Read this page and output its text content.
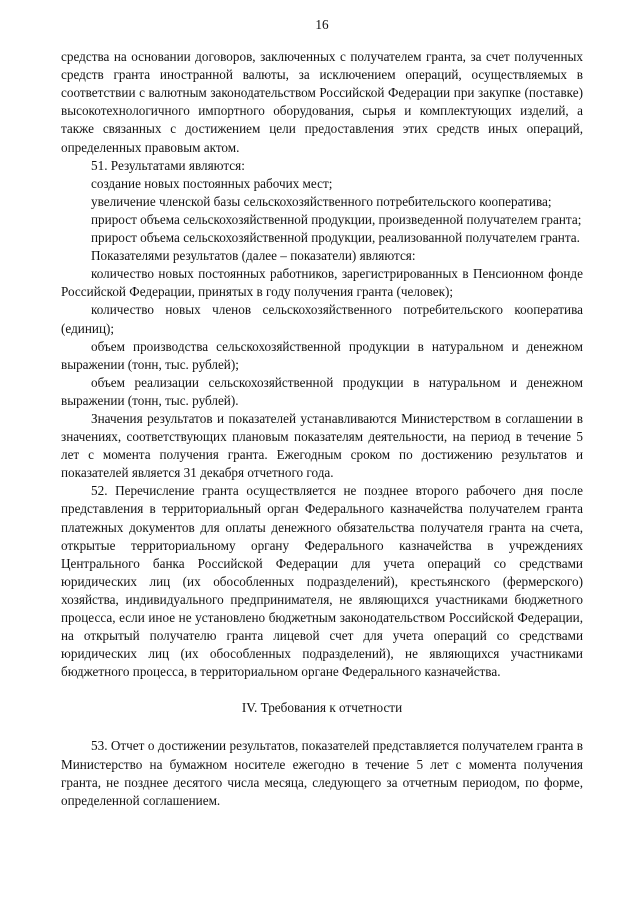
16

средства на основании договоров, заключенных с получателем гранта, за счет полученных средств гранта иностранной валюты, за исключением операций, осуществляемых в соответствии с валютным законодательством Российской Федерации при закупке (поставке) высокотехнологичного импортного оборудования, сырья и комплектующих изделий, а также связанных с достижением цели предоставления этих средств иных операций, определенных правовым актом.

51. Результатами являются:

создание новых постоянных рабочих мест;

увеличение членской базы сельскохозяйственного потребительского кооператива;

прирост объема сельскохозяйственной продукции, произведенной получателем гранта;

прирост объема сельскохозяйственной продукции, реализованной получателем гранта.

Показателями результатов (далее – показатели) являются:

количество новых постоянных работников, зарегистрированных в Пенсионном фонде Российской Федерации, принятых в году получения гранта (человек);

количество новых членов сельскохозяйственного потребительского кооператива (единиц);

объем производства сельскохозяйственной продукции в натуральном и денежном выражении (тонн, тыс. рублей);

объем реализации сельскохозяйственной продукции в натуральном и денежном выражении (тонн, тыс. рублей).

Значения результатов и показателей устанавливаются Министерством в соглашении в значениях, соответствующих плановым показателям деятельности, на период в течение 5 лет с момента получения гранта. Ежегодным сроком по достижению результатов и показателей является 31 декабря отчетного года.

52. Перечисление гранта осуществляется не позднее второго рабочего дня после представления в территориальный орган Федерального казначейства получателем гранта платежных документов для оплаты денежного обязательства получателя гранта на счета, открытые территориальному органу Федерального казначейства в учреждениях Центрального банка Российской Федерации для учета операций со средствами юридических лиц (их обособленных подразделений), крестьянского (фермерского) хозяйства, индивидуального предпринимателя, не являющихся участниками бюджетного процесса, если иное не установлено бюджетным законодательством Российской Федерации, на открытый получателю гранта лицевой счет для учета операций со средствами юридических лиц (их обособленных подразделений), не являющихся участниками бюджетного процесса, в территориальном органе Федерального казначейства.

IV. Требования к отчетности

53. Отчет о достижении результатов, показателей представляется получателем гранта в Министерство на бумажном носителе ежегодно в течение 5 лет с момента получения гранта, не позднее десятого числа месяца, следующего за отчетным периодом, по форме, определенной соглашением.
